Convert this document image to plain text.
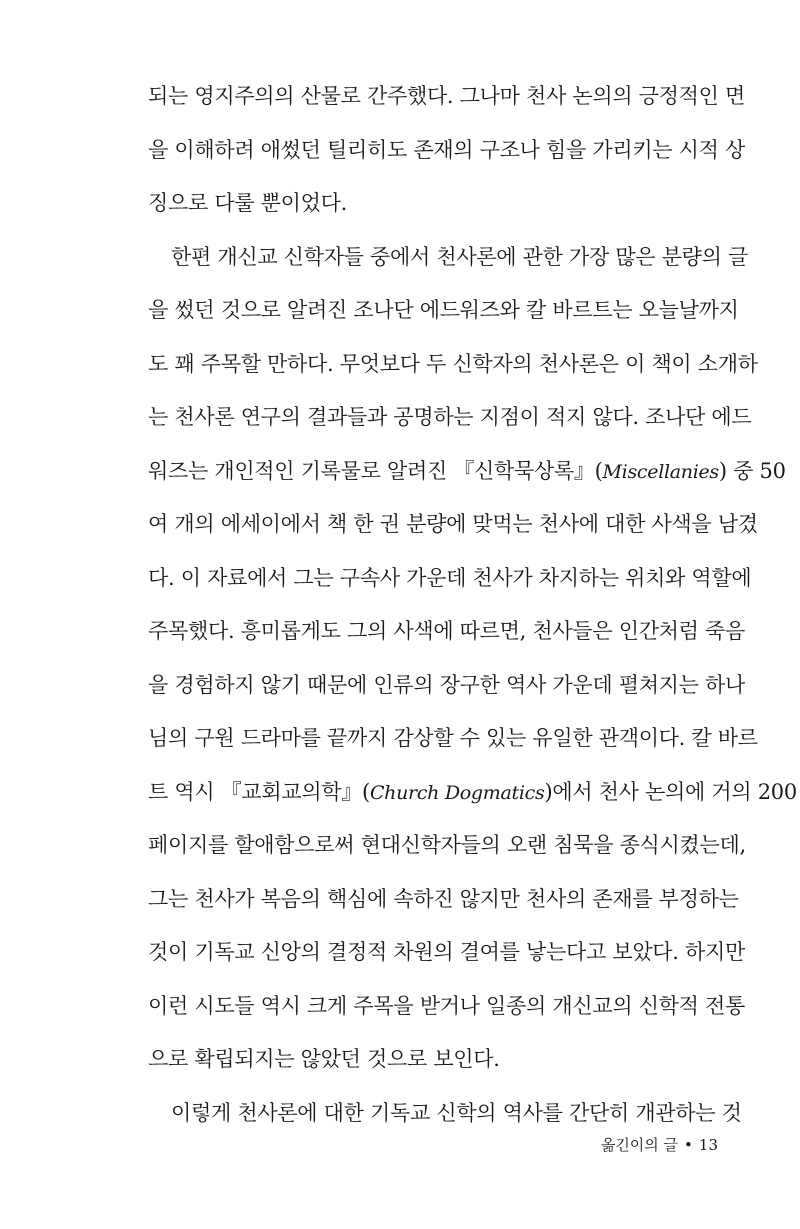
되는 영지주의의 산물로 간주했다. 그나마 천사 논의의 긍정적인 면
을 이해하려 애썼던 틸리히도 존재의 구조나 힘을 가리키는 시적 상
징으로 다룰 뿐이었다.
한편 개신교 신학자들 중에서 천사론에 관한 가장 많은 분량의 글
을 썼던 것으로 알려진 조나단 에드워즈와 칼 바르트는 오늘날까지
도 꽤 주목할 만하다. 무엇보다 두 신학자의 천사론은 이 책이 소개하
는 천사론 연구의 결과들과 공명하는 지점이 적지 않다. 조나단 에드
워즈는 개인적인 기록물로 알려진 『신학묵상록』(Miscellanies) 중 50
여 개의 에세이에서 책 한 권 분량에 맞먹는 천사에 대한 사색을 남겼
다. 이 자료에서 그는 구속사 가운데 천사가 차지하는 위치와 역할에
주목했다. 흥미롭게도 그의 사색에 따르면, 천사들은 인간처럼 죽음
을 경험하지 않기 때문에 인류의 장구한 역사 가운데 펼쳐지는 하나
님의 구원 드라마를 끝까지 감상할 수 있는 유일한 관객이다. 칼 바르
트 역시 『교회교의학』(Church Dogmatics)에서 천사 논의에 거의 200
페이지를 할애함으로써 현대신학자들의 오랜 침묵을 종식시켰는데,
그는 천사가 복음의 핵심에 속하진 않지만 천사의 존재를 부정하는
것이 기독교 신앙의 결정적 차원의 결여를 낳는다고 보았다. 하지만
이런 시도들 역시 크게 주목을 받거나 일종의 개신교의 신학적 전통
으로 확립되지는 않았던 것으로 보인다.
이렇게 천사론에 대한 기독교 신학의 역사를 간단히 개관하는 것
옮긴이의 글 • 13
